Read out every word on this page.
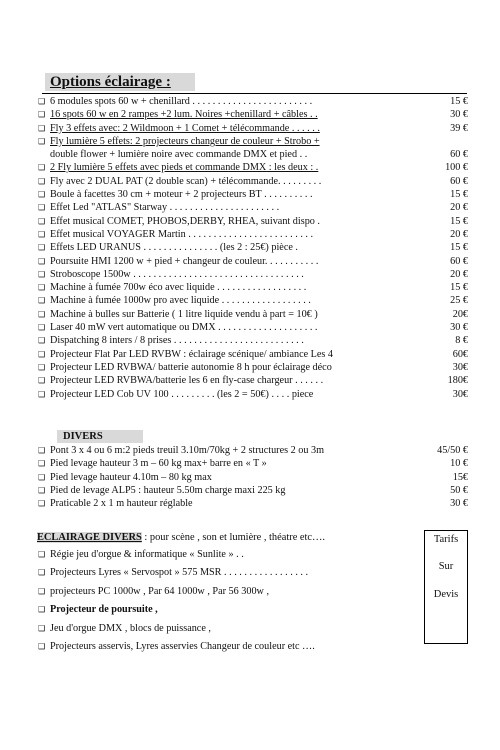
Options éclairage :
❑ 6 modules spots 60 w + chenillard . . . . . . . . . . . . . . . . . . . . . . . .	15 €
❑ 16 spots 60 w en 2 rampes +2 lum. Noires +chenillard + câbles . .	30 €
❑ Fly 3 effets avec: 2 Wildmoon + 1 Comet + télécommande . . . . . .	39 €
❑ Fly lumière 5 effets: 2 projecteurs changeur de couleur + Strobo +
double flower + lumière noire avec commande DMX et pied . .	60 €
❑ 2 Fly lumière 5 effets avec pieds et commande DMX : les deux : .	100 €
❑ Fly avec 2 DUAL PAT (2 double scan) + télécommande. . . . . . . . .	60 €
❑ Boule à facettes 30 cm + moteur + 2 projecteurs BT . . . . . . . . . .	15 €
❑ Effet Led "ATLAS" Starway . . . . . . . . . . . . . . . . . . . . . .	20 €
❑ Effet musical COMET, PHOBOS,DERBY, RHEA, suivant dispo .	15 €
❑ Effet musical VOYAGER Martin . . . . . . . . . . . . . . . . . . . . . . . . .	20 €
❑ Effets LED URANUS . . . . . . . . . . . . . . . (les 2 : 25€) pièce .	15 €
❑ Poursuite HMI 1200 w + pied + changeur de couleur. . . . . . . . . . .	60 €
❑ Stroboscope 1500w . . . . . . . . . . . . . . . . . . . . . . . . . . . . . . . . . .	20 €
❑ Machine à fumée 700w éco avec liquide . . . . . . . . . . . . . . . . . .	15 €
❑ Machine à fumée 1000w pro avec liquide . . . . . . . . . . . . . . . . . .	25 €
❑ Machine à bulles sur Batterie ( 1 litre liquide vendu à part = 10€ )	20€
❑ Laser 40 mW vert automatique ou DMX . . . . . . . . . . . . . . . . . . . .	30 €
❑ Dispatching 8 inters / 8 prises . . . . . . . . . . . . . . . . . . . . . . . . . .	8 €
❑ Projecteur Flat Par LED RVBW : éclairage scénique/ ambiance Les 4	60€
❑ Projecteur LED RVBWA/ batterie autonomie 8 h pour éclairage déco	30€
❑ Projecteur LED RVBWA/batterie les 6 en fly-case chargeur . . . . . .	180€
❑ Projecteur LED Cob UV 100 . . . . . . . . . (les 2 = 50€) . . . . piece	30€
DIVERS
❑ Pont 3 x 4 ou 6 m:2 pieds treuil 3.10m/70kg + 2 structures 2 ou 3m	45/50 €
❑ Pied levage hauteur 3 m – 60 kg max+ barre en « T »	10 €
❑ Pied levage hauteur 4.10m – 80 kg max	15€
❑ Pied de levage ALP5 : hauteur 5.50m charge maxi 225 kg	50 €
❑ Praticable 2 x 1 m hauteur réglable	30 €
ECLAIRAGE DIVERS : pour scène , son et lumière , théatre etc….
❑ Régie jeu d'orgue & informatique « Sunlite » . .
❑ Projecteurs Lyres « Servospot » 575 MSR . . . . . . . . . . . . . . . . .
❑ projecteurs PC 1000w , Par 64 1000w , Par 56 300w ,
❑ Projecteur de poursuite ,
❑ Jeu d'orgue DMX , blocs de puissance ,
❑ Projecteurs asservis, Lyres asservies Changeur de couleur etc ….
Tarifs
Sur
Devis
